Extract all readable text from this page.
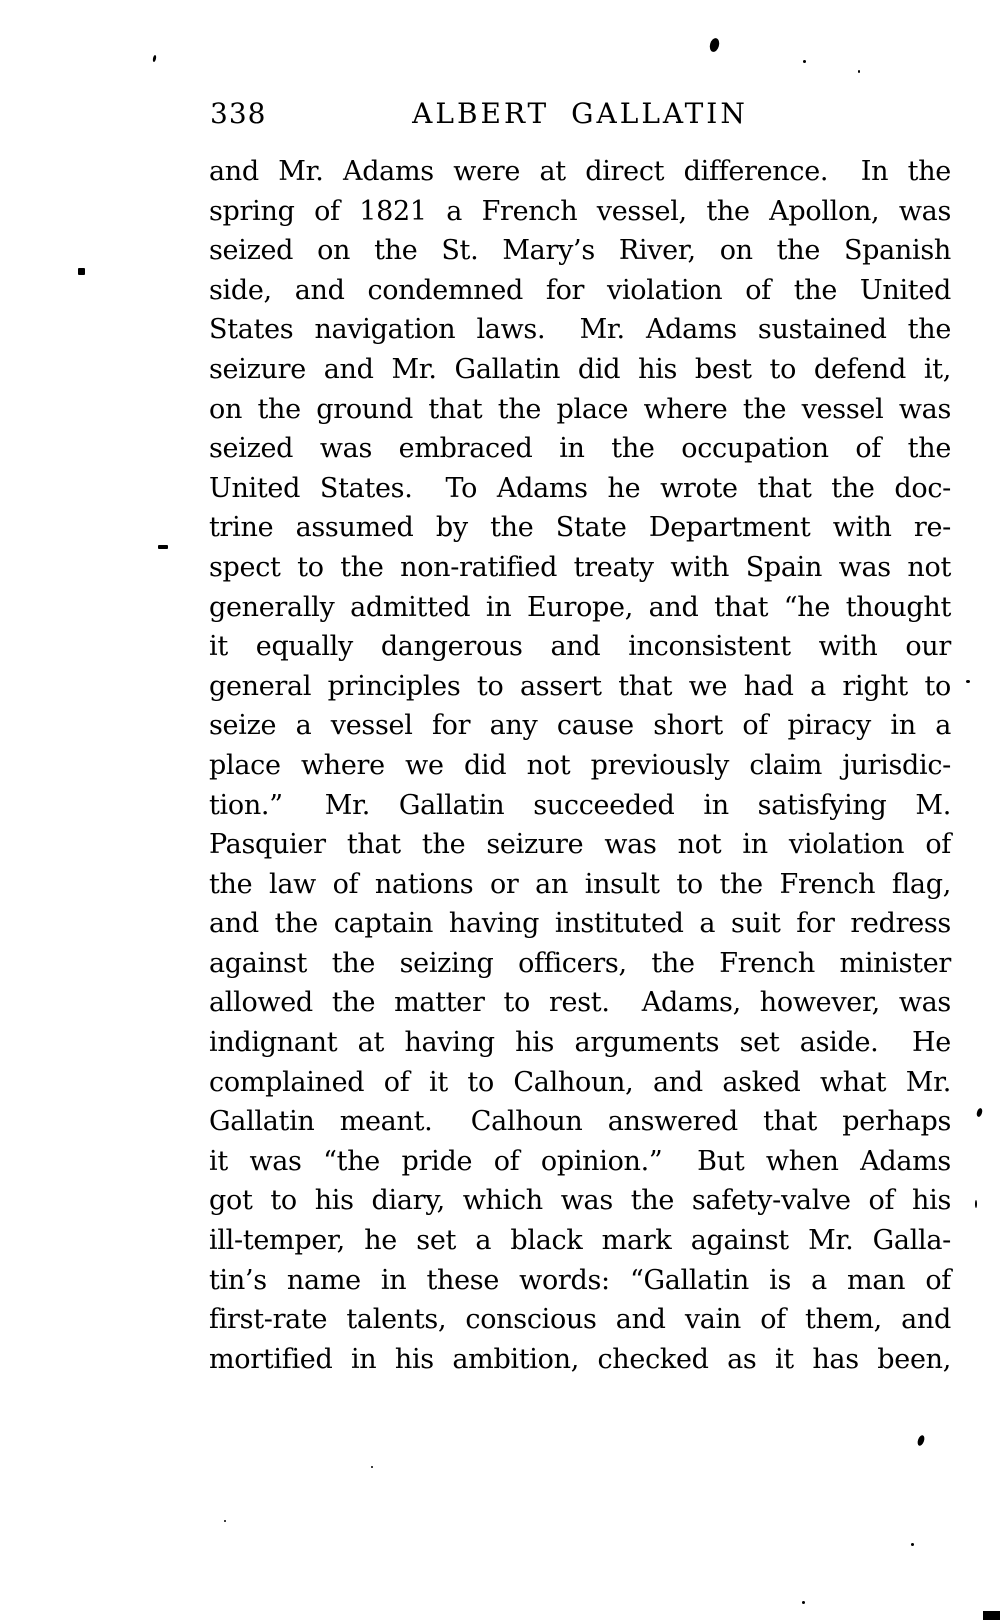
338	ALBERT GALLATIN
and Mr. Adams were at direct difference.  In the
spring of 1821 a French vessel, the Apollon, was
seized on the St. Mary’s River, on the Spanish
side, and condemned for violation of the United
States navigation laws.  Mr. Adams sustained the
seizure and Mr. Gallatin did his best to defend it,
on the ground that the place where the vessel was
seized was embraced in the occupation of the
United States.  To Adams he wrote that the doc-
trine assumed by the State Department with re-
spect to the non-ratified treaty with Spain was not
generally admitted in Europe, and that “he thought
it equally dangerous and inconsistent with our
general principles to assert that we had a right to
seize a vessel for any cause short of piracy in a
place where we did not previously claim jurisdic-
tion.”  Mr. Gallatin succeeded in satisfying M.
Pasquier that the seizure was not in violation of
the law of nations or an insult to the French flag,
and the captain having instituted a suit for redress
against the seizing officers, the French minister
allowed the matter to rest.  Adams, however, was
indignant at having his arguments set aside.  He
complained of it to Calhoun, and asked what Mr.
Gallatin meant.  Calhoun answered that perhaps
it was “the pride of opinion.”  But when Adams
got to his diary, which was the safety-valve of his
ill-temper, he set a black mark against Mr. Galla-
tin’s name in these words: “Gallatin is a man of
first-rate talents, conscious and vain of them, and
mortified in his ambition, checked as it has been,
